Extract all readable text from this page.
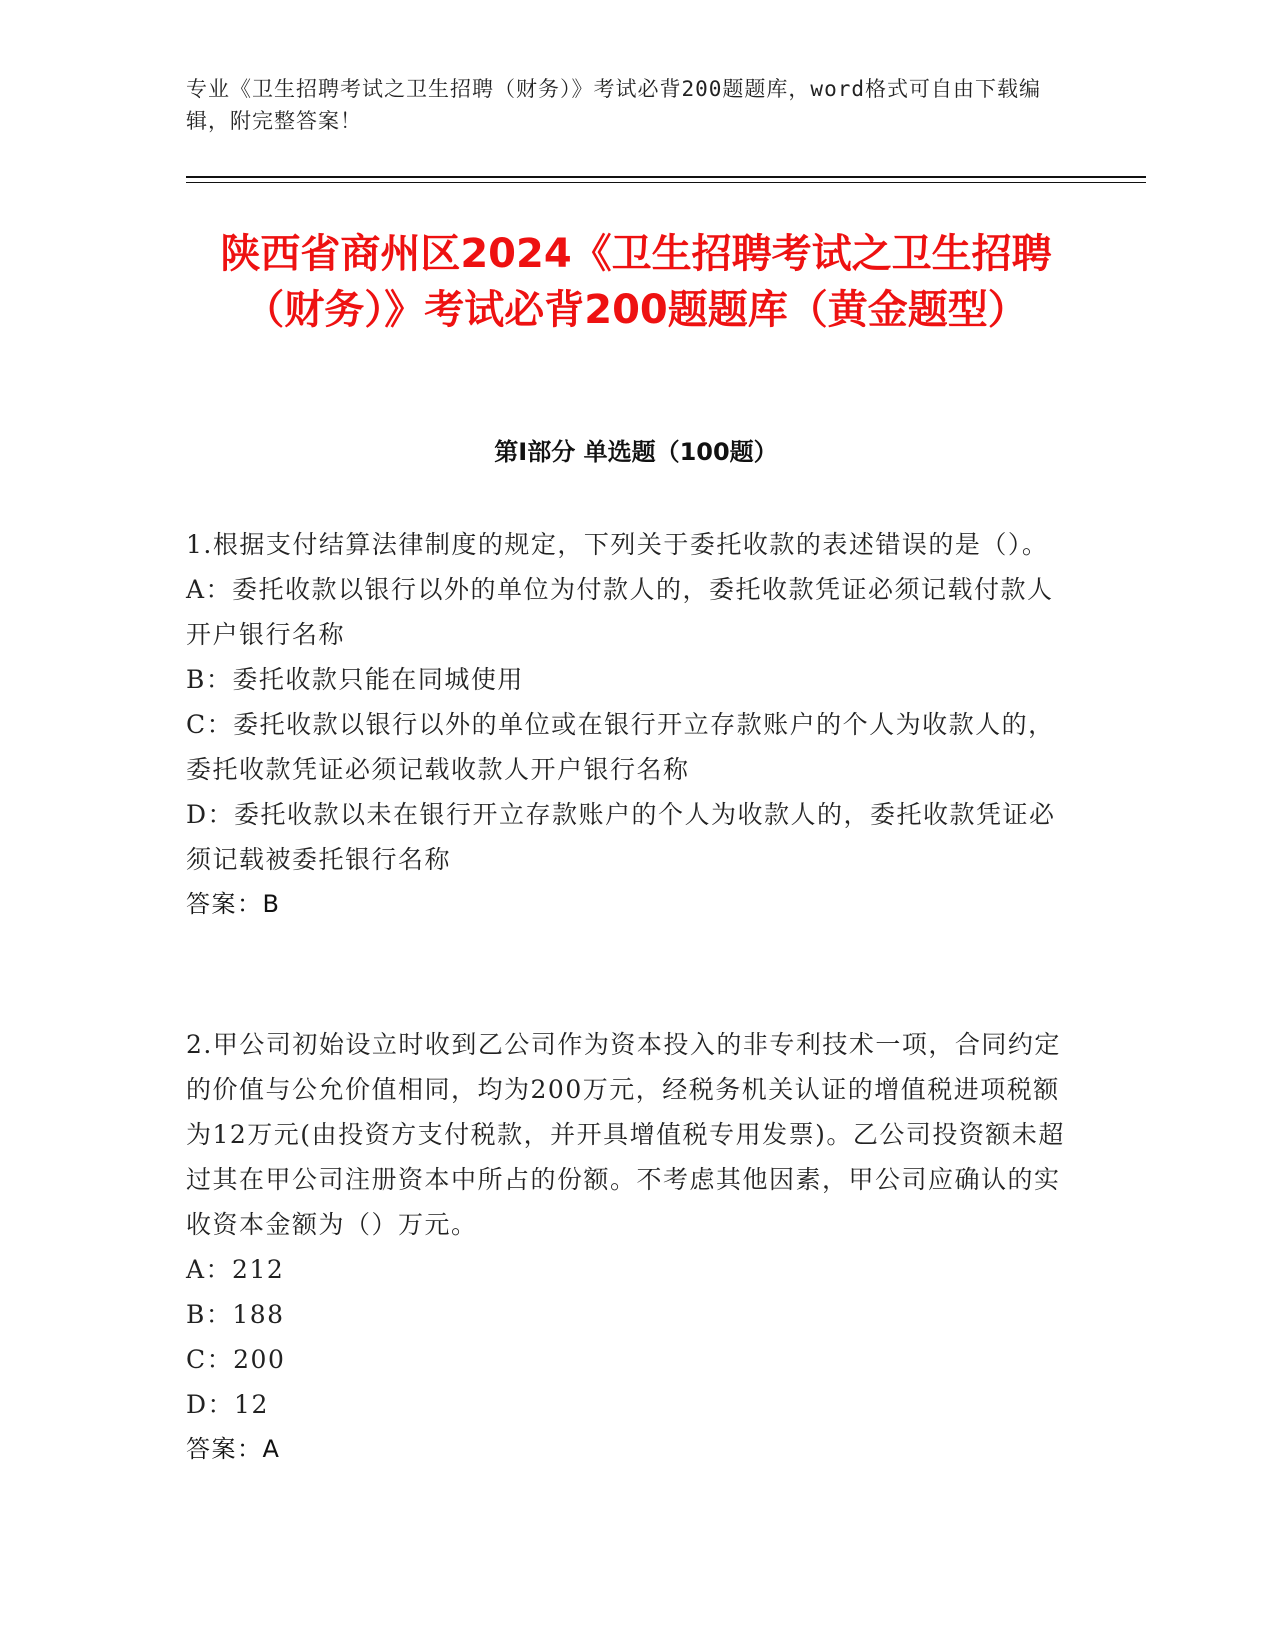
专业《卫生招聘考试之卫生招聘（财务）》考试必背200题题库，word格式可自由下载编辑，附完整答案！
陕西省商州区2024《卫生招聘考试之卫生招聘（财务）》考试必背200题题库（黄金题型）
第I部分 单选题（100题）

1.根据支付结算法律制度的规定，下列关于委托收款的表述错误的是（）。

A：委托收款以银行以外的单位为付款人的，委托收款凭证必须记载付款人开户银行名称

B：委托收款只能在同城使用

C：委托收款以银行以外的单位或在银行开立存款账户的个人为收款人的，委托收款凭证必须记载收款人开户银行名称

D：委托收款以未在银行开立存款账户的个人为收款人的，委托收款凭证必须记载被委托银行名称

答案：B

2.甲公司初始设立时收到乙公司作为资本投入的非专利技术一项，合同约定的价值与公允价值相同，均为200万元，经税务机关认证的增值税进项税额为12万元(由投资方支付税款，并开具增值税专用发票)。乙公司投资额未超过其在甲公司注册资本中所占的份额。不考虑其他因素，甲公司应确认的实收资本金额为（）万元。

A：212

B：188

C：200

D：12

答案：A
